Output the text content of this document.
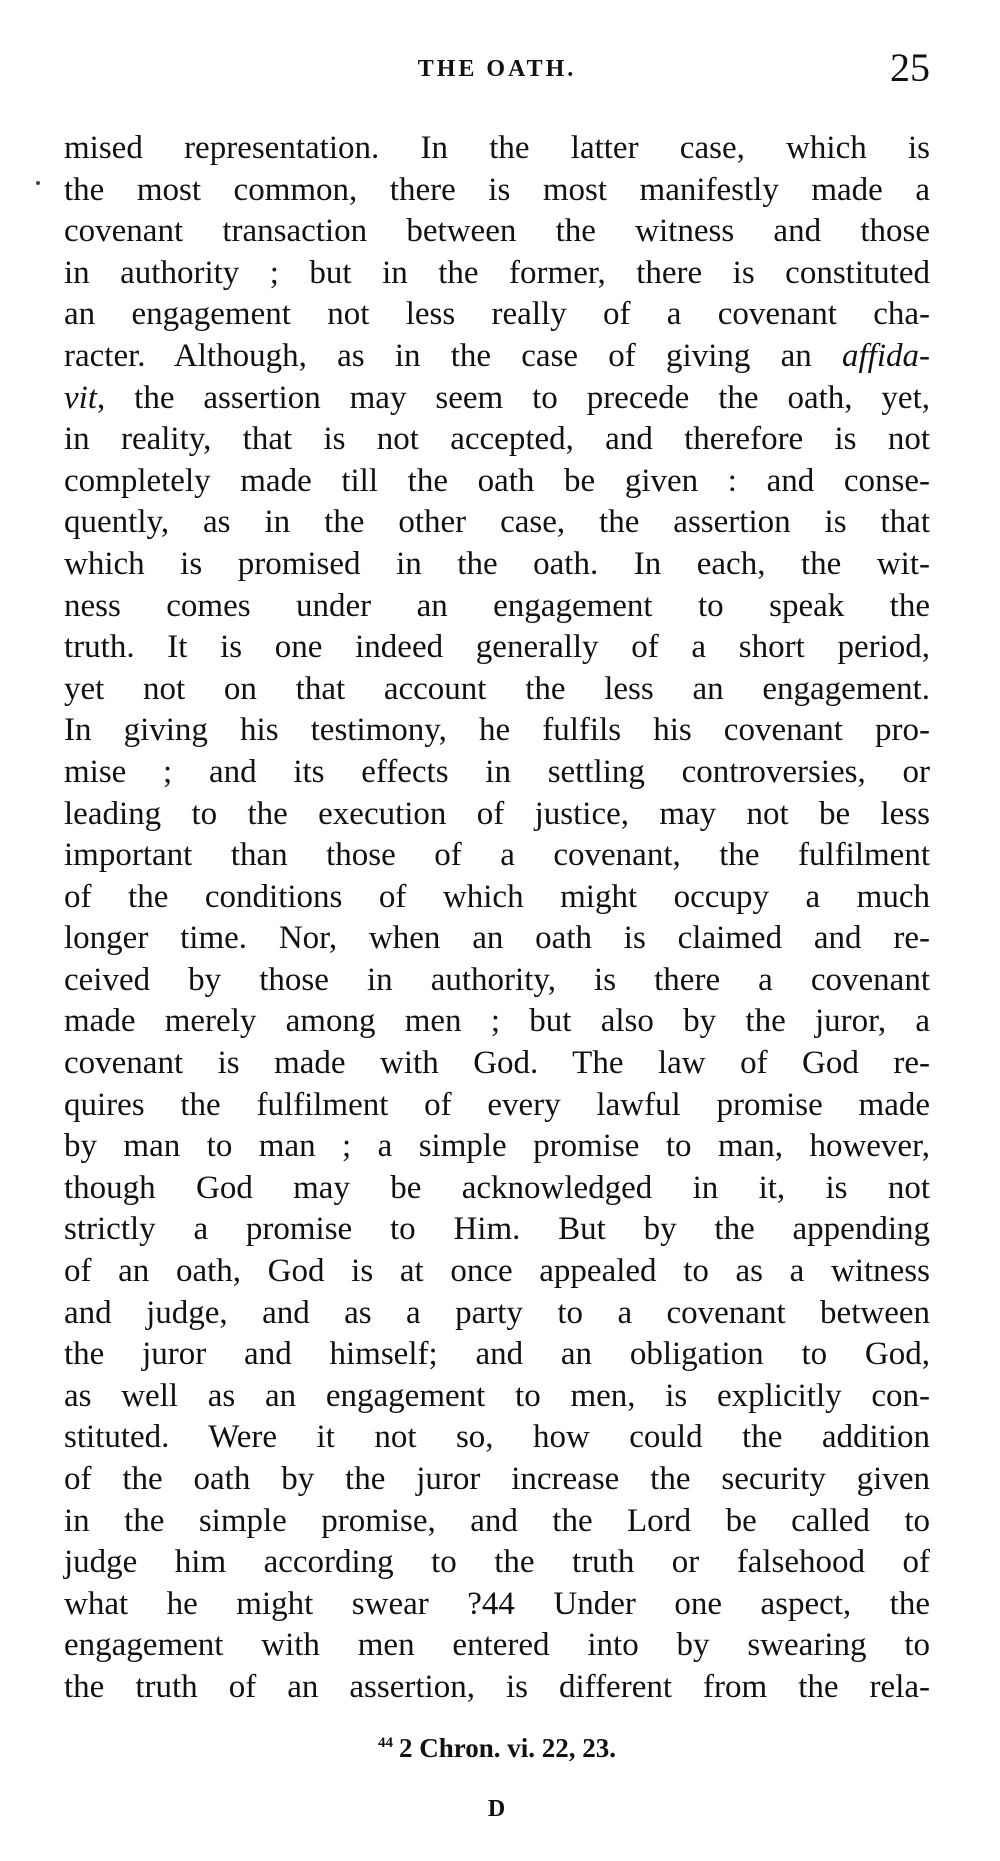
THE OATH.	25
mised representation. In the latter case, which is
the most common, there is most manifestly made a
covenant transaction between the witness and those
in authority ; but in the former, there is constituted
an engagement not less really of a covenant cha-
racter. Although, as in the case of giving an affida-
vit, the assertion may seem to precede the oath, yet,
in reality, that is not accepted, and therefore is not
completely made till the oath be given : and conse-
quently, as in the other case, the assertion is that
which is promised in the oath. In each, the wit-
ness comes under an engagement to speak the
truth. It is one indeed generally of a short period,
yet not on that account the less an engagement.
In giving his testimony, he fulfils his covenant pro-
mise ; and its effects in settling controversies, or
leading to the execution of justice, may not be less
important than those of a covenant, the fulfilment
of the conditions of which might occupy a much
longer time. Nor, when an oath is claimed and re-
ceived by those in authority, is there a covenant
made merely among men ; but also by the juror, a
covenant is made with God. The law of God re-
quires the fulfilment of every lawful promise made
by man to man ; a simple promise to man, however,
though God may be acknowledged in it, is not
strictly a promise to Him. But by the appending
of an oath, God is at once appealed to as a witness
and judge, and as a party to a covenant between
the juror and himself; and an obligation to God,
as well as an engagement to men, is explicitly con-
stituted. Were it not so, how could the addition
of the oath by the juror increase the security given
in the simple promise, and the Lord be called to
judge him according to the truth or falsehood of
what he might swear ?44 Under one aspect, the
engagement with men entered into by swearing to
the truth of an assertion, is different from the rela-
$^{44}$ 2 Chron. vi. 22, 23.
D
